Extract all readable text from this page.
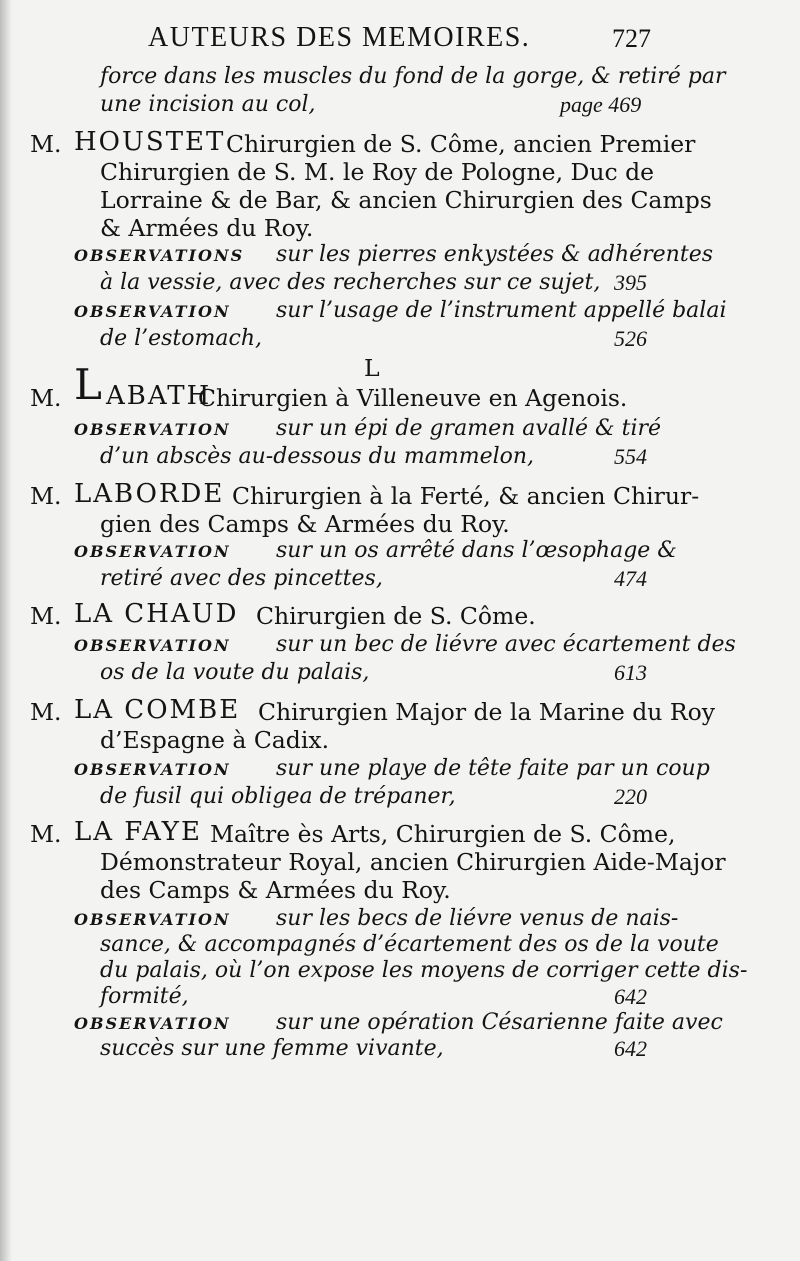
AUTEURS DES MEMOIRES.	727
force dans les muscles du fond de la gorge, & retiré par
une incision au col,	page 469
M. HOUSTET Chirurgien de S. Côme, ancien Premier
Chirurgien de S. M. le Roy de Pologne, Duc de
Lorraine & de Bar, & ancien Chirurgien des Camps
& Armées du Roy.
OBSERVATIONS sur les pierres enkystées & adhérentes
à la vessie, avec des recherches sur ce sujet, 395
OBSERVATION sur l’usage de l’instrument appellé balai
de l’estomach,	526
L
M. L ABATH
Chirurgien à Villeneuve en Agenois.
OBSERVATION sur un épi de gramen avallé & tiré
d’un abscès au-dessous du mammelon,	554
M. LABORDE Chirurgien à la Ferté, & ancien Chirur-
gien des Camps & Armées du Roy.
OBSERVATION sur un os arrêté dans l’œsophage &
retiré avec des pincettes,	474
M. LA CHAUD Chirurgien de S. Côme.
OBSERVATION sur un bec de liévre avec écartement des
os de la voute du palais,	613
M. LA COMBE Chirurgien Major de la Marine du Roy
d’Espagne à Cadix.
OBSERVATION sur une playe de tête faite par un coup
de fusil qui obligea de trépaner,	220
M. LA FAYE Maître ès Arts, Chirurgien de S. Côme,
Démonstrateur Royal, ancien Chirurgien Aide-Major
des Camps & Armées du Roy.
OBSERVATION sur les becs de liévre venus de nais-
sance, & accompagnés d’écartement des os de la voute
du palais, où l’on expose les moyens de corriger cette dis-
formité,	642
OBSERVATION sur une opération Césarienne faite avec
succès sur une femme vivante,	642
